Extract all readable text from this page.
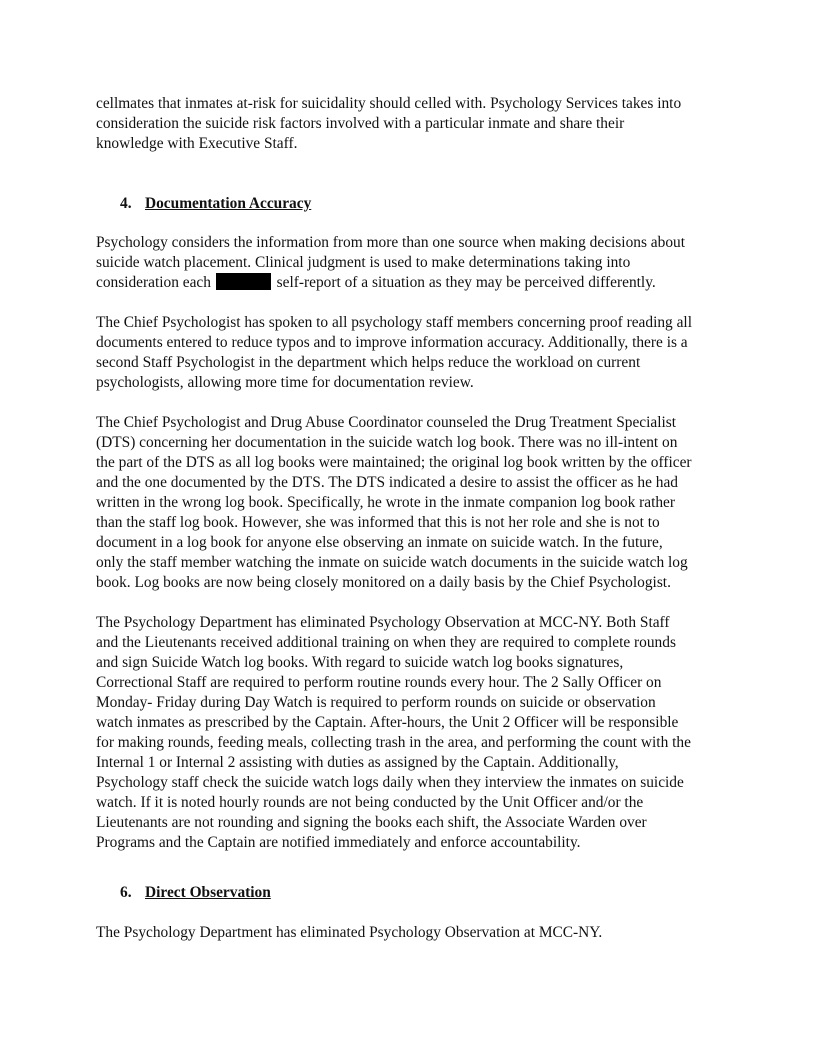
cellmates that inmates at-risk for suicidality should celled with. Psychology Services takes into
consideration the suicide risk factors involved with a particular inmate and share their
knowledge with Executive Staff.

4. Documentation Accuracy

Psychology considers the information from more than one source when making decisions about
suicide watch placement. Clinical judgment is used to make determinations taking into
consideration each	self-report of a situation as they may be perceived differently.

The Chief Psychologist has spoken to all psychology staff members concerning proof reading all
documents entered to reduce typos and to improve information accuracy. Additionally, there is a
second Staff Psychologist in the department which helps reduce the workload on current
psychologists, allowing more time for documentation review.

The Chief Psychologist and Drug Abuse Coordinator counseled the Drug Treatment Specialist
(DTS) concerning her documentation in the suicide watch log book. There was no ill-intent on
the part of the DTS as all log books were maintained; the original log book written by the officer
and the one documented by the DTS. The DTS indicated a desire to assist the officer as he had
written in the wrong log book. Specifically, he wrote in the inmate companion log book rather
than the staff log book. However, she was informed that this is not her role and she is not to
document in a log book for anyone else observing an inmate on suicide watch. In the future,
only the staff member watching the inmate on suicide watch documents in the suicide watch log
book. Log books are now being closely monitored on a daily basis by the Chief Psychologist.

The Psychology Department has eliminated Psychology Observation at MCC-NY. Both Staff
and the Lieutenants received additional training on when they are required to complete rounds
and sign Suicide Watch log books. With regard to suicide watch log books signatures,
Correctional Staff are required to perform routine rounds every hour. The 2 Sally Officer on
Monday- Friday during Day Watch is required to perform rounds on suicide or observation
watch inmates as prescribed by the Captain. After-hours, the Unit 2 Officer will be responsible
for making rounds, feeding meals, collecting trash in the area, and performing the count with the
Internal 1 or Internal 2 assisting with duties as assigned by the Captain. Additionally,
Psychology staff check the suicide watch logs daily when they interview the inmates on suicide
watch. If it is noted hourly rounds are not being conducted by the Unit Officer and/or the
Lieutenants are not rounding and signing the books each shift, the Associate Warden over
Programs and the Captain are notified immediately and enforce accountability.

6. Direct Observation

The Psychology Department has eliminated Psychology Observation at MCC-NY.
